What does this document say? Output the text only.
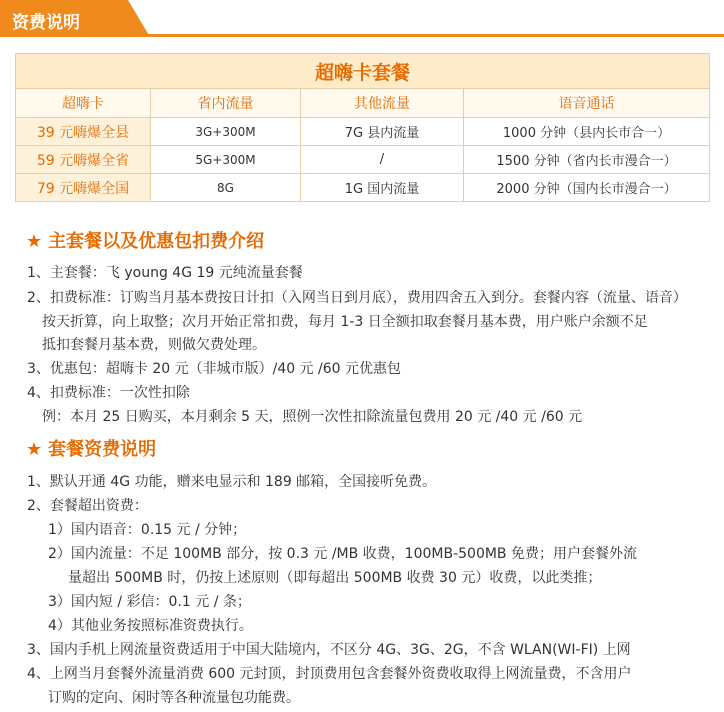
资费说明
超嗨卡套餐			
超嗨卡	省内流量	其他流量	语音通话
39 元嗨爆全县	3G+300M	7G 县内流量	1000 分钟（县内长市合一）
59 元嗨爆全省	5G+300M	/	1500 分钟（省内长市漫合一）
79 元嗨爆全国	8G	1G 国内流量	2000 分钟（国内长市漫合一）
★ 主套餐以及优惠包扣费介绍
1、主套餐：飞 young 4G 19 元纯流量套餐
2、扣费标准：订购当月基本费按日计扣（入网当日到月底），费用四舍五入到分。套餐内容（流量、语音）
按天折算，向上取整；次月开始正常扣费，每月 1-3 日全额扣取套餐月基本费，用户账户余额不足
抵扣套餐月基本费，则做欠费处理。
3、优惠包：超嗨卡 20 元（非城市版）/40 元 /60 元优惠包
4、扣费标准：一次性扣除
例：本月 25 日购买，本月剩余 5 天，照例一次性扣除流量包费用 20 元 /40 元 /60 元
★ 套餐资费说明
1、默认开通 4G 功能，赠来电显示和 189 邮箱，全国接听免费。
2、套餐超出资费：
1）国内语音：0.15 元 / 分钟；
2）国内流量：不足 100MB 部分，按 0.3 元 /MB 收费，100MB-500MB 免费；用户套餐外流
量超出 500MB 时，仍按上述原则（即每超出 500MB 收费 30 元）收费，以此类推；
3）国内短 / 彩信：0.1 元 / 条；
4）其他业务按照标准资费执行。
3、国内手机上网流量资费适用于中国大陆境内，不区分 4G、3G、2G，不含 WLAN(WI-FI) 上网
4、上网当月套餐外流量消费 600 元封顶，封顶费用包含套餐外资费收取得上网流量费，不含用户
订购的定向、闲时等各种流量包功能费。
